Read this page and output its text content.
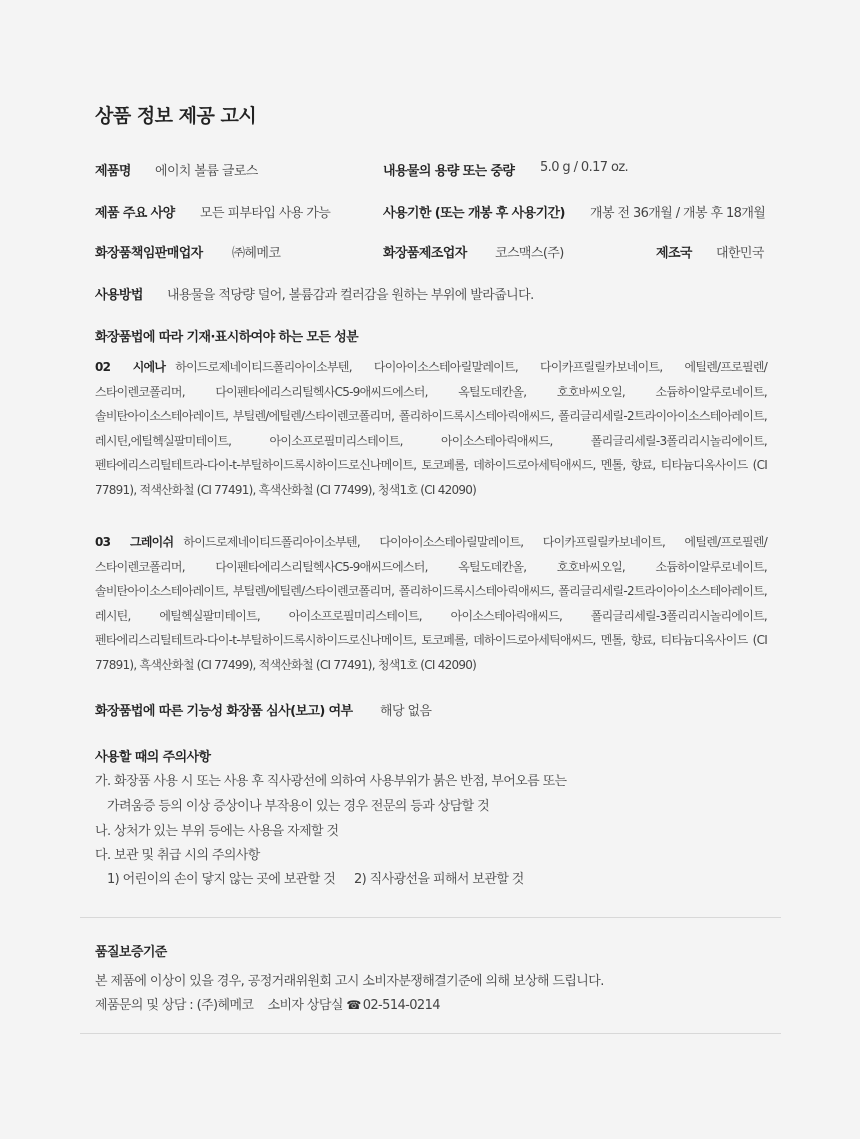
상품 정보 제공 고시
제품명 에이치 볼륨 글로스	내용물의 용량 또는 중량 5.0 g / 0.17 oz.
제품 주요 사양 모든 피부타입 사용 가능	사용기한 (또는 개봉 후 사용기간) 개봉 전 36개월 / 개봉 후 18개월
화장품책임판매업자 ㈜헤메코	화장품제조업자 코스맥스(주)	제조국 대한민국
사용방법 내용물을 적당량 덜어, 볼륨감과 컬러감을 원하는 부위에 발라줍니다.
화장품법에 따라 기재·표시하여야 하는 모든 성분
02 시에나 하이드로제네이티드폴리아이소부텐, 다이아이소스테아릴말레이트, 다이카프릴릴카보네이트, 에틸렌/프로필렌/스타이렌코폴리머, 다이펜타에리스리틸헥사C5-9애씨드에스터, 옥틸도데칸올, 호호바씨오일, 소듐하이알루로네이트, 솔비탄아이소스테아레이트, 부틸렌/에틸렌/스타이렌코폴리머, 폴리하이드록시스테아릭애씨드, 폴리글리세릴-2트라이아이소스테아레이트, 레시틴,에틸헥실팔미테이트, 아이소프로필미리스테이트, 아이소스테아릭애씨드, 폴리글리세릴-3폴리리시놀리에이트, 펜타에리스리틸테트라-다이-t-부틸하이드록시하이드로신나메이트, 토코페롤, 데하이드로아세틱애씨드, 멘톨, 향료, 티타늄디옥사이드 (CI 77891), 적색산화철 (CI 77491), 흑색산화철 (CI 77499), 청색1호 (CI 42090)
03 그레이쉬 하이드로제네이티드폴리아이소부텐, 다이아이소스테아릴말레이트, 다이카프릴릴카보네이트, 에틸렌/프로필렌/스타이렌코폴리머, 다이펜타에리스리틸헥사C5-9애씨드에스터, 옥틸도데칸올, 호호바씨오일, 소듐하이알루로네이트, 솔비탄아이소스테아레이트, 부틸렌/에틸렌/스타이렌코폴리머, 폴리하이드록시스테아릭애씨드, 폴리글리세릴-2트라이아이소스테아레이트, 레시틴, 에틸헥실팔미테이트, 아이소프로필미리스테이트, 아이소스테아릭애씨드, 폴리글리세릴-3폴리리시놀리에이트, 펜타에리스리틸테트라-다이-t-부틸하이드록시하이드로신나메이트, 토코페롤, 데하이드로아세틱애씨드, 멘톨, 향료, 티타늄디옥사이드 (CI 77891), 흑색산화철 (CI 77499), 적색산화철 (CI 77491), 청색1호 (CI 42090)
화장품법에 따른 기능성 화장품 심사(보고) 여부 해당 없음
사용할 때의 주의사항
가. 화장품 사용 시 또는 사용 후 직사광선에 의하여 사용부위가 붉은 반점, 부어오름 또는
가려움증 등의 이상 증상이나 부작용이 있는 경우 전문의 등과 상담할 것
나. 상처가 있는 부위 등에는 사용을 자제할 것
다. 보관 및 취급 시의 주의사항
1) 어린이의 손이 닿지 않는 곳에 보관할 것 2) 직사광선을 피해서 보관할 것
품질보증기준
본 제품에 이상이 있을 경우, 공정거래위원회 고시 소비자분쟁해결기준에 의해 보상해 드립니다.
제품문의 및 상담 : (주)헤메코    소비자 상담실 ☎ 02-514-0214
